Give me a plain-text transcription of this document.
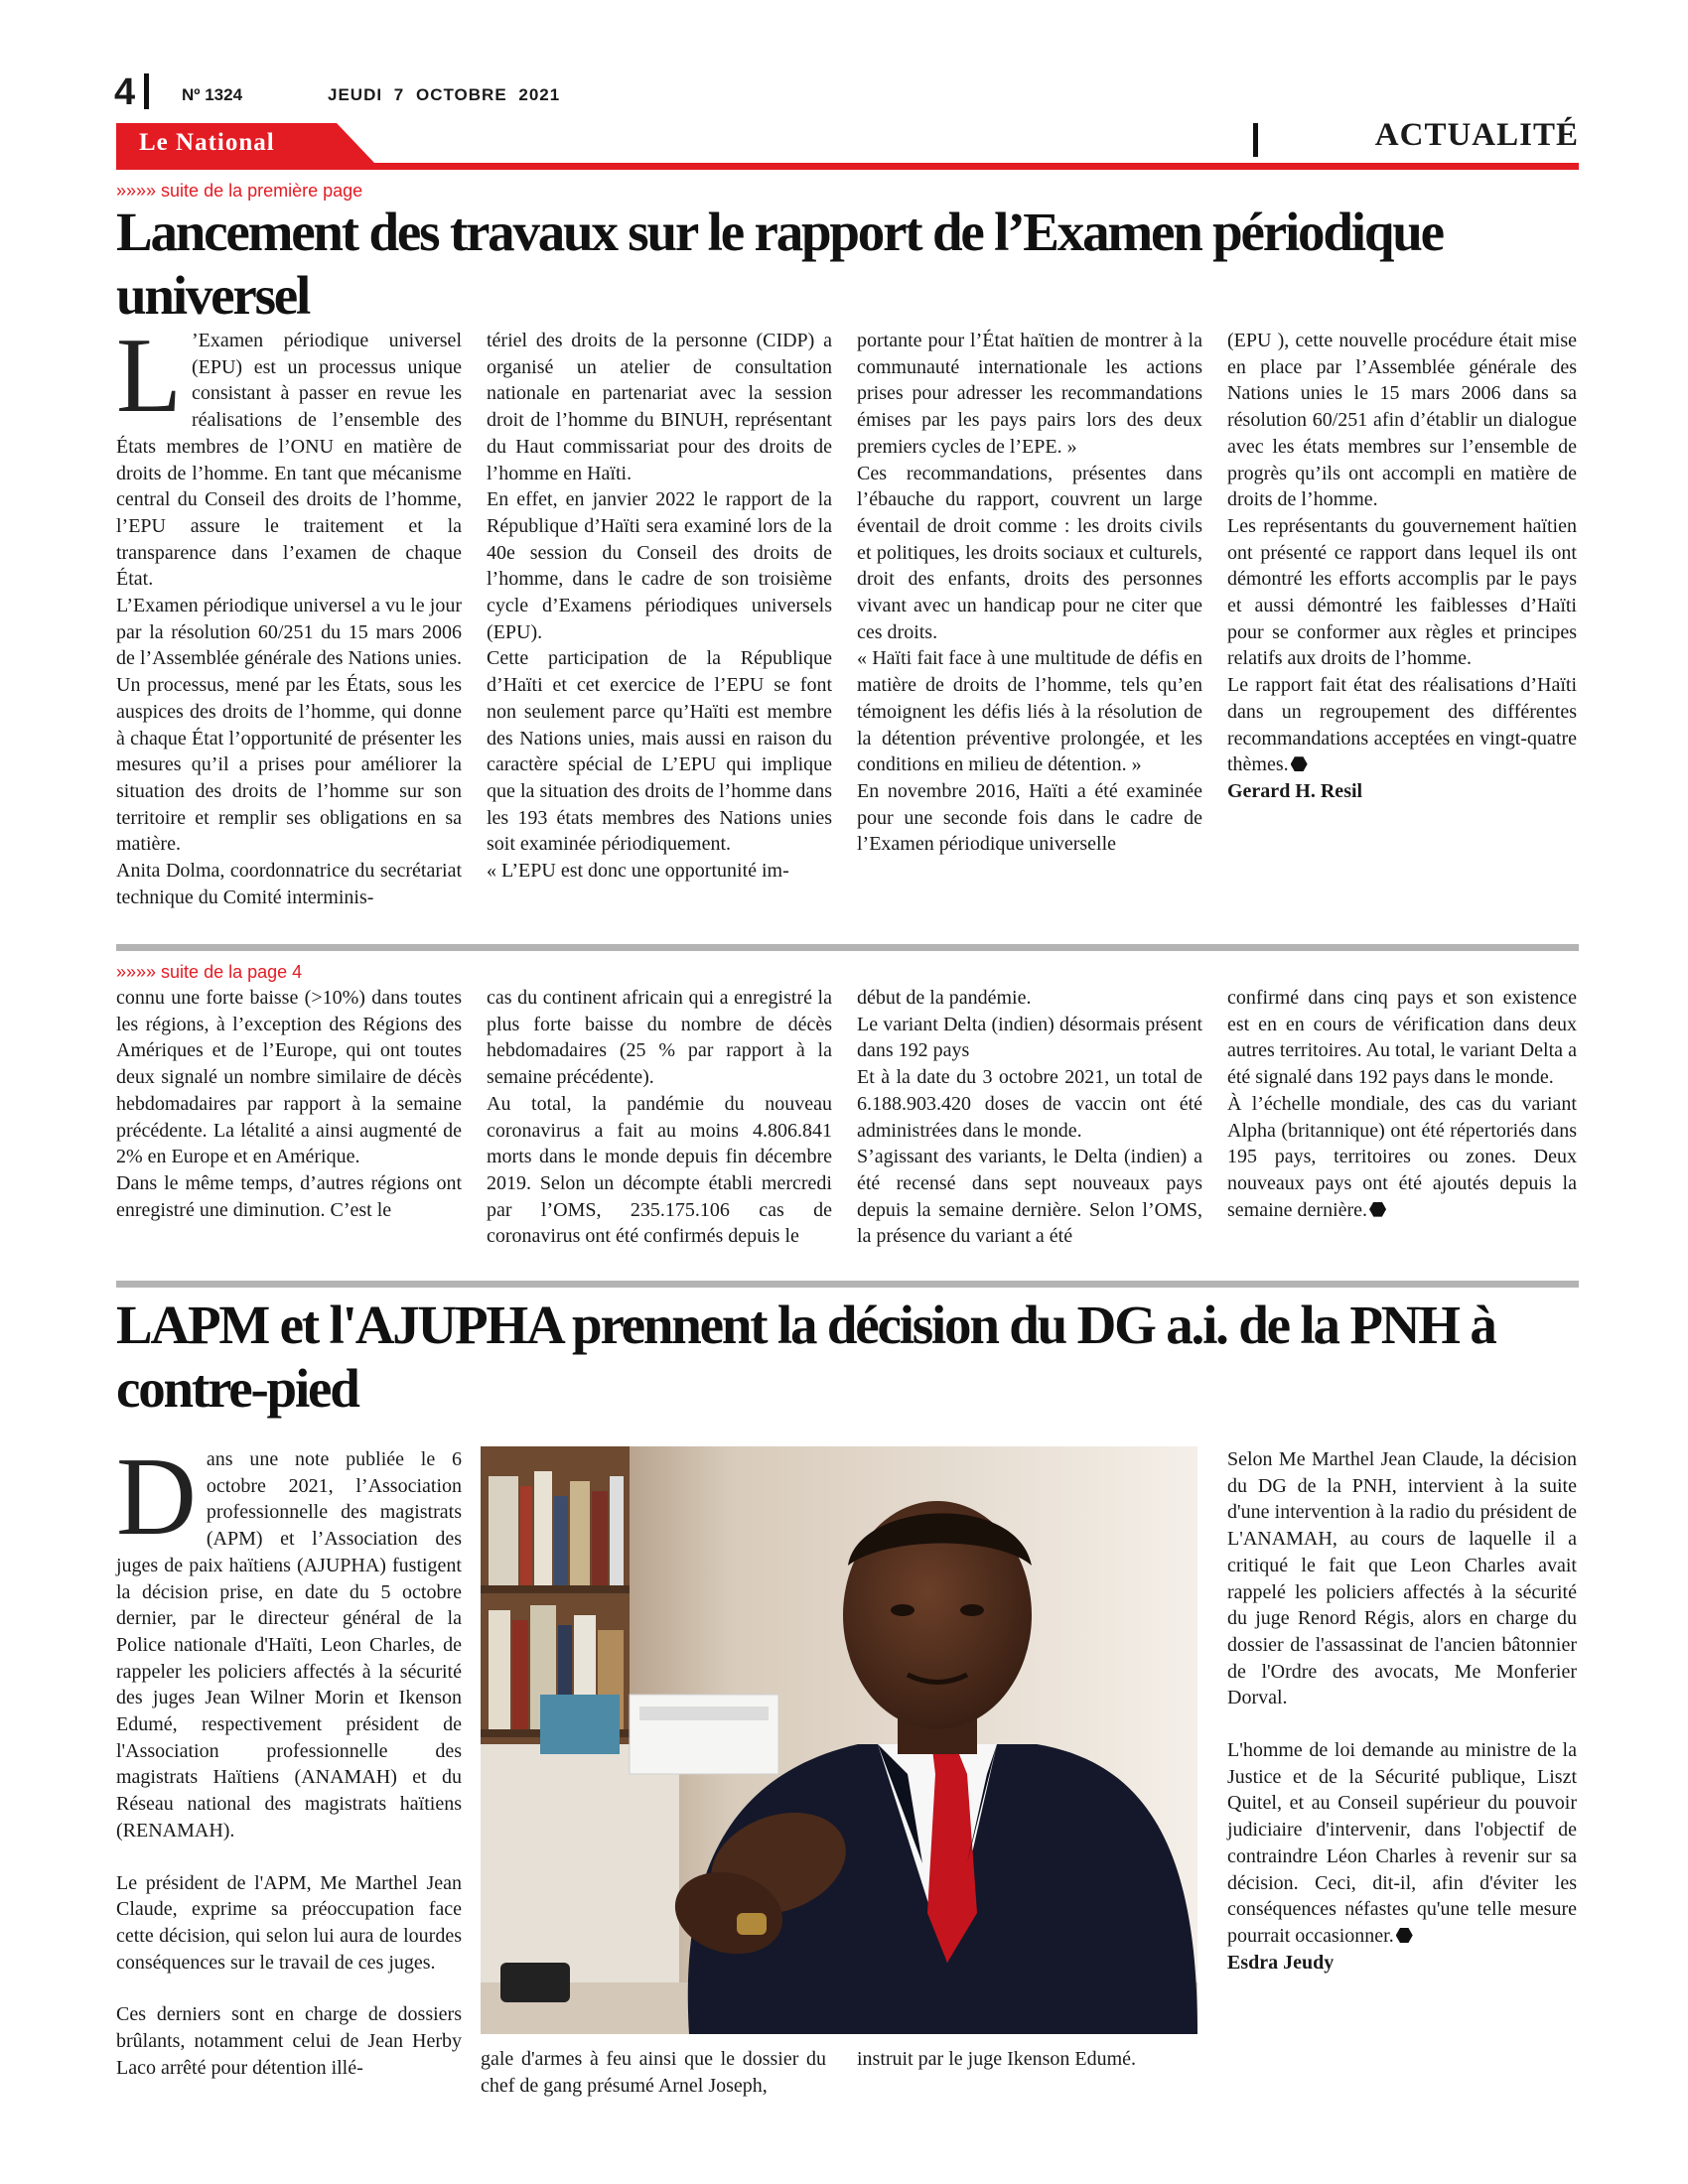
4	Nº 1324	JEUDI 7 OCTOBRE 2021
Le National	ACTUALITÉ
»»»» suite de la première page
Lancement des travaux sur le rapport de l’Examen périodique universel
L ’Examen périodique universel (EPU) est un processus unique consistant à passer en revue les réalisations de l’ensemble des États membres de l’ONU en matière de droits de l’homme. En tant que mécanisme central du Conseil des droits de l’homme, l’EPU assure le traitement et la transparence dans l’examen de chaque État.

L’Examen périodique universel a vu le jour par la résolution 60/251 du 15 mars 2006 de l’Assemblée générale des Nations unies. Un processus, mené par les États, sous les auspices des droits de l’homme, qui donne à chaque État l’opportunité de présenter les mesures qu’il a prises pour améliorer la situation des droits de l’homme sur son territoire et remplir ses obligations en sa matière.

Anita Dolma, coordonnatrice du secrétariat technique du Comité interminis-

tériel des droits de la personne (CIDP) a organisé un atelier de consultation nationale en partenariat avec la session droit de l’homme du BINUH, représentant du Haut commissariat pour des droits de l’homme en Haïti.

En effet, en janvier 2022 le rapport de la République d’Haïti sera examiné lors de la 40e session du Conseil des droits de l’homme, dans le cadre de son troisième cycle d’Examens périodiques universels (EPU).

Cette participation de la République d’Haïti et cet exercice de l’EPU se font non seulement parce qu’Haïti est membre des Nations unies, mais aussi en raison du caractère spécial de L’EPU qui implique que la situation des droits de l’homme dans les 193 états membres des Nations unies soit examinée périodiquement.

« L’EPU est donc une opportunité im-

portante pour l’État haïtien de montrer à la communauté internationale les actions prises pour adresser les recommandations émises par les pays pairs lors des deux premiers cycles de l’EPE. »

Ces recommandations, présentes dans l’ébauche du rapport, couvrent un large éventail de droit comme : les droits civils et politiques, les droits sociaux et culturels, droit des enfants, droits des personnes vivant avec un handicap pour ne citer que ces droits.

« Haïti fait face à une multitude de défis en matière de droits de l’homme, tels qu’en témoignent les défis liés à la résolution de la détention préventive prolongée, et les conditions en milieu de détention. »

En novembre 2016, Haïti a été examinée pour une seconde fois dans le cadre de l’Examen périodique universelle

(EPU ), cette nouvelle procédure était mise en place par l’Assemblée générale des Nations unies le 15 mars 2006 dans sa résolution 60/251 afin d’établir un dialogue avec les états membres sur l’ensemble de progrès qu’ils ont accompli en matière de droits de l’homme.

Les représentants du gouvernement haïtien ont présenté ce rapport dans lequel ils ont démontré les efforts accomplis par le pays et aussi démontré les faiblesses d’Haïti pour se conformer aux règles et principes relatifs aux droits de l’homme.

Le rapport fait état des réalisations d’Haïti dans un regroupement des différentes recommandations acceptées en vingt-quatre thèmes.

Gerard H. Resil

»»»» suite de la page 4

connu une forte baisse (>10%) dans toutes les régions, à l’exception des Régions des Amériques et de l’Europe, qui ont toutes deux signalé un nombre similaire de décès hebdomadaires par rapport à la semaine précédente. La létalité a ainsi augmenté de 2% en Europe et en Amérique.

Dans le même temps, d’autres régions ont enregistré une diminution. C’est le

cas du continent africain qui a enregistré la plus forte baisse du nombre de décès hebdomadaires (25 % par rapport à la semaine précédente).

Au total, la pandémie du nouveau coronavirus a fait au moins 4.806.841 morts dans le monde depuis fin décembre 2019. Selon un décompte établi mercredi par l’OMS, 235.175.106 cas de coronavirus ont été confirmés depuis le

début de la pandémie.

Le variant Delta (indien) désormais présent dans 192 pays

Et à la date du 3 octobre 2021, un total de 6.188.903.420 doses de vaccin ont été administrées dans le monde.

S’agissant des variants, le Delta (indien) a été recensé dans sept nouveaux pays depuis la semaine dernière. Selon l’OMS, la présence du variant a été

confirmé dans cinq pays et son existence est en en cours de vérification dans deux autres territoires. Au total, le variant Delta a été signalé dans 192 pays dans le monde.

À l’échelle mondiale, des cas du variant Alpha (britannique) ont été répertoriés dans 195 pays, territoires ou zones. Deux nouveaux pays ont été ajoutés depuis la semaine dernière.

LAPM et l'AJUPHA prennent la décision du DG a.i. de la PNH à contre-pied
D ans une note publiée le 6 octobre 2021, l’Association professionnelle des magistrats (APM) et l’Association des juges de paix haïtiens (AJUPHA) fustigent la décision prise, en date du 5 octobre dernier, par le directeur général de la Police nationale d'Haïti, Leon Charles, de rappeler les policiers affectés à la sécurité des juges Jean Wilner Morin et Ikenson Edumé, respectivement président de l'Association professionnelle des magistrats Haïtiens (ANAMAH) et du Réseau national des magistrats haïtiens (RENAMAH).

Le président de l'APM, Me Marthel Jean Claude, exprime sa préoccupation face cette décision, qui selon lui aura de lourdes conséquences sur le travail de ces juges.

Ces derniers sont en charge de dossiers brûlants, notamment celui de Jean Herby Laco arrêté pour détention illé-	gale d'armes à feu ainsi que le dossier du chef de gang présumé Arnel Joseph,

instruit par le juge Ikenson Edumé.

Selon Me Marthel Jean Claude, la décision du DG de la PNH, intervient à la suite d'une intervention à la radio du président de L'ANAMAH, au cours de laquelle il a critiqué le fait que Leon Charles avait rappelé les policiers affectés à la sécurité du juge Renord Régis, alors en charge du dossier de l'assassinat de l'ancien bâtonnier de l'Ordre des avocats, Me Monferier Dorval.

L'homme de loi demande au ministre de la Justice et de la Sécurité publique, Liszt Quitel, et au Conseil supérieur du pouvoir judiciaire d'intervenir, dans l'objectif de contraindre Léon Charles à revenir sur sa décision. Ceci, dit-il, afin d'éviter les conséquences néfastes qu'une telle mesure pourrait occasionner.

Esdra Jeudy
